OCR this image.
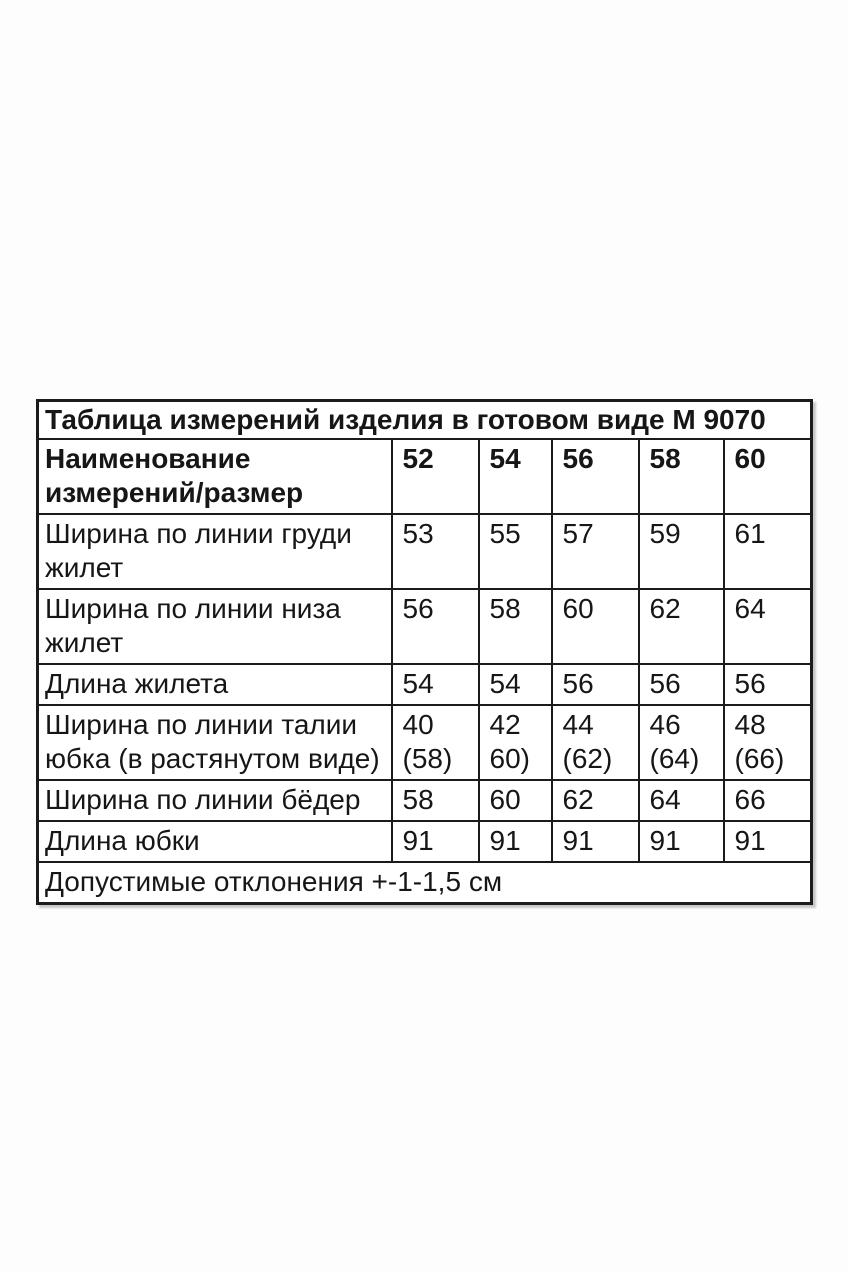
Таблица измерений изделия в готовом виде М 9070					
Наименование измерений/размер	52	54	56	58	60
Ширина по линии груди жилет	53	55	57	59	61
Ширина по линии низа жилет	56	58	60	62	64
Длина жилета	54	54	56	56	56
Ширина по линии талии юбка (в растянутом виде)	40 (58)	42 60)	44 (62)	46 (64)	48 (66)
Ширина по линии бёдер	58	60	62	64	66
Длина юбки	91	91	91	91	91
Допустимые отклонения +-1-1,5 см					
